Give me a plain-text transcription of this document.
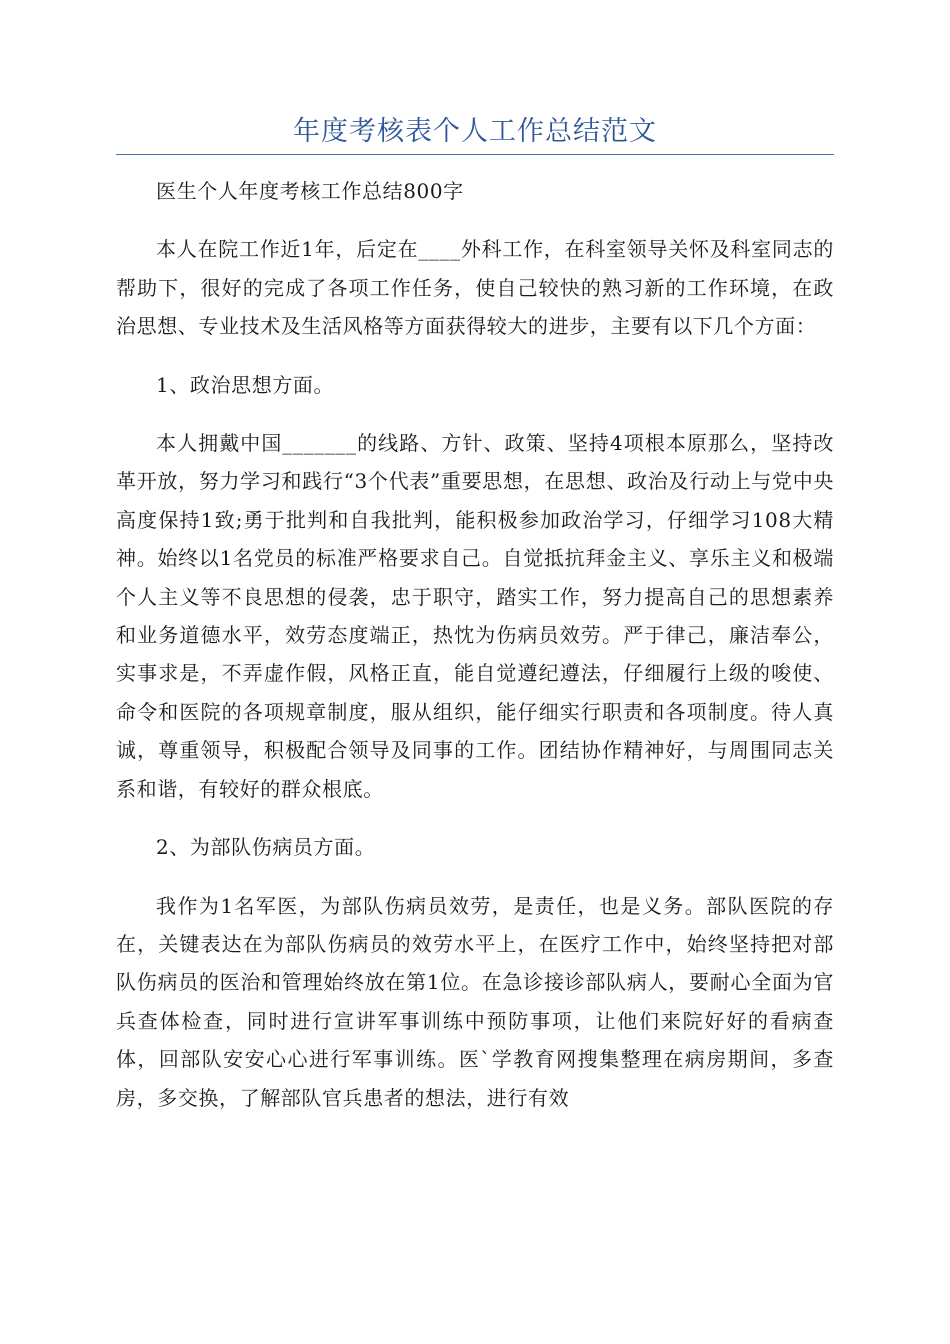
年度考核表个人工作总结范文

医生个人年度考核工作总结800字

本人在院工作近1年，后定在____外科工作，在科室领导关怀及科室同志的帮助下，很好的完成了各项工作任务，使自己较快的熟习新的工作环境，在政治思想、专业技术及生活风格等方面获得较大的进步，主要有以下几个方面：

1、政治思想方面。

本人拥戴中国_______的线路、方针、政策、坚持4项根本原那么，坚持改革开放，努力学习和践行“3个代表”重要思想，在思想、政治及行动上与党中央高度保持1致;勇于批判和自我批判，能积极参加政治学习，仔细学习108大精神。始终以1名党员的标准严格要求自己。自觉抵抗拜金主义、享乐主义和极端个人主义等不良思想的侵袭，忠于职守，踏实工作，努力提高自己的思想素养和业务道德水平，效劳态度端正，热忱为伤病员效劳。严于律己，廉洁奉公，实事求是，不弄虚作假，风格正直，能自觉遵纪遵法，仔细履行上级的唆使、命令和医院的各项规章制度，服从组织，能仔细实行职责和各项制度。待人真诚，尊重领导，积极配合领导及同事的工作。团结协作精神好，与周围同志关系和谐，有较好的群众根底。

2、为部队伤病员方面。

我作为1名军医，为部队伤病员效劳，是责任，也是义务。部队医院的存在，关键表达在为部队伤病员的效劳水平上，在医疗工作中，始终坚持把对部队伤病员的医治和管理始终放在第1位。在急诊接诊部队病人，要耐心全面为官兵查体检查，同时进行宣讲军事训练中预防事项，让他们来院好好的看病查体，回部队安安心心进行军事训练。医`学教育网搜集整理在病房期间，多查房，多交换，了解部队官兵患者的想法，进行有效
